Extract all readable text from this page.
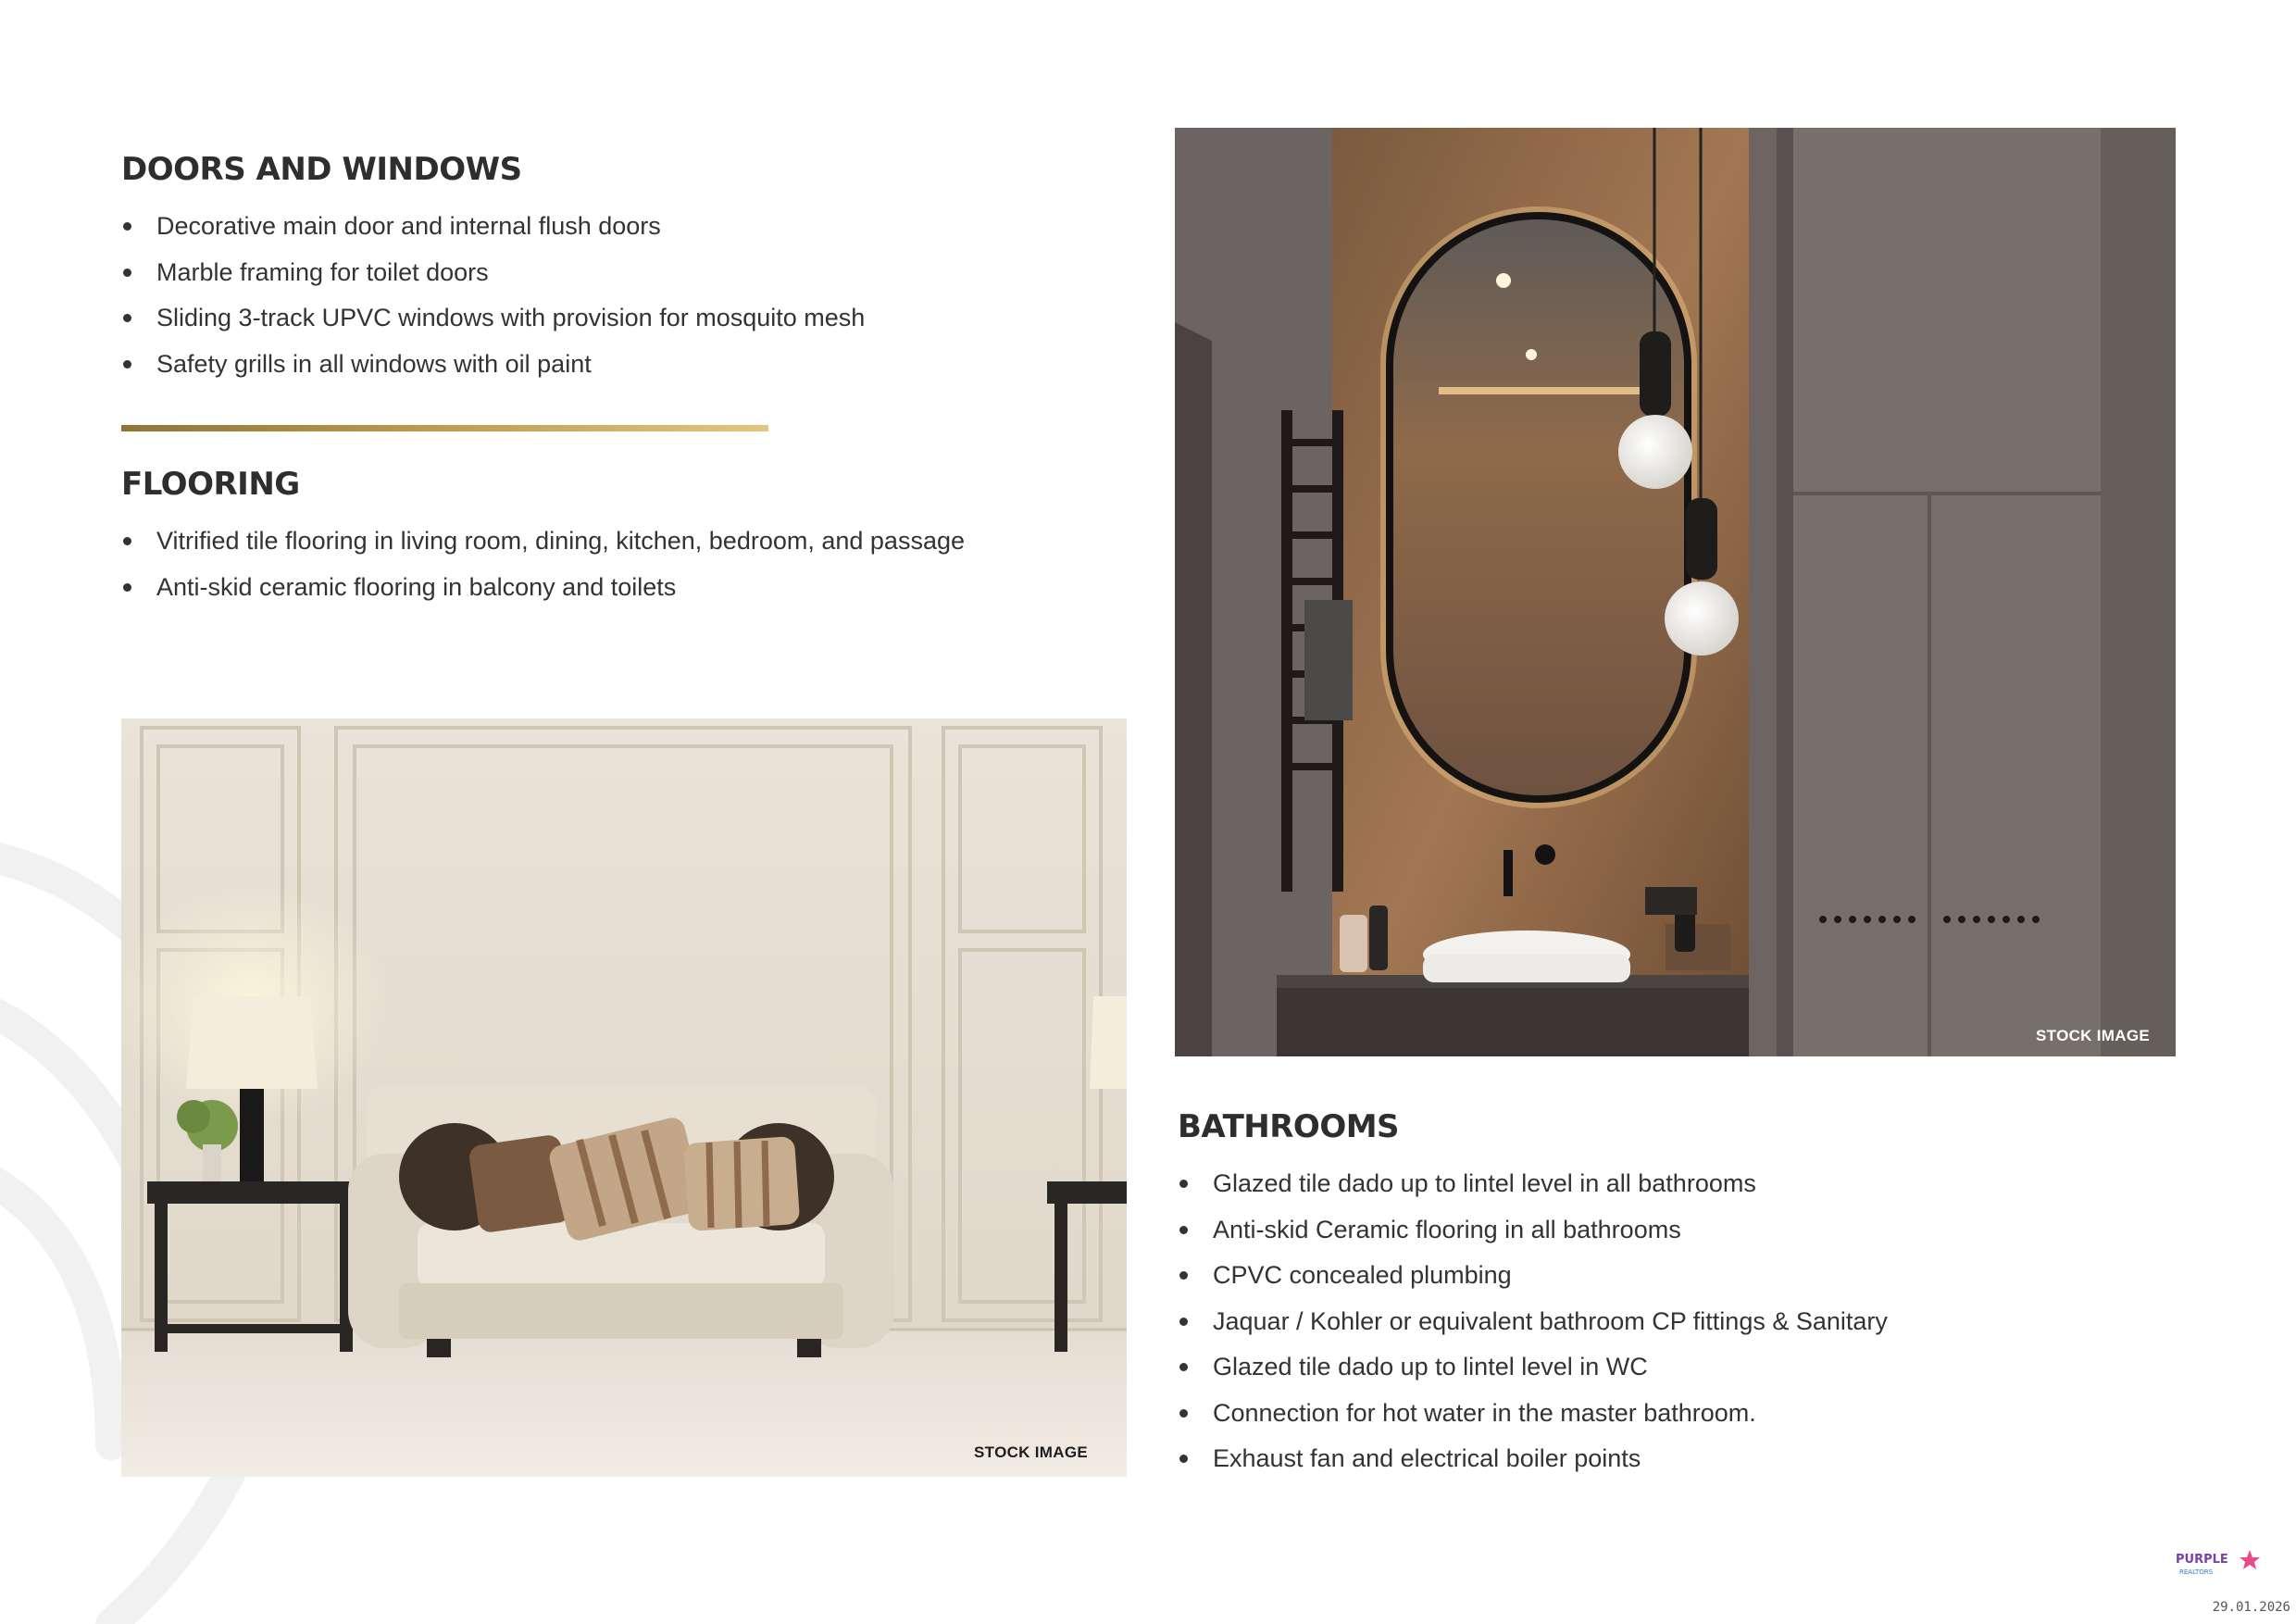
DOORS AND WINDOWS
Decorative main door and internal flush doors
Marble framing for toilet doors
Sliding 3-track UPVC windows with provision for mosquito mesh
Safety grills in all windows with oil paint
FLOORING
Vitrified tile flooring in living room, dining, kitchen, bedroom, and passage
Anti-skid ceramic flooring in balcony and toilets
STOCK IMAGE
STOCK IMAGE
BATHROOMS
Glazed tile dado up to lintel level in all bathrooms
Anti-skid Ceramic flooring in all bathrooms
CPVC concealed plumbing
Jaquar / Kohler or equivalent bathroom CP fittings & Sanitary
Glazed tile dado up to lintel level in WC
Connection for hot water in the master bathroom.
Exhaust fan and electrical boiler points
PURPLE
REALTORS
29.01.2026
